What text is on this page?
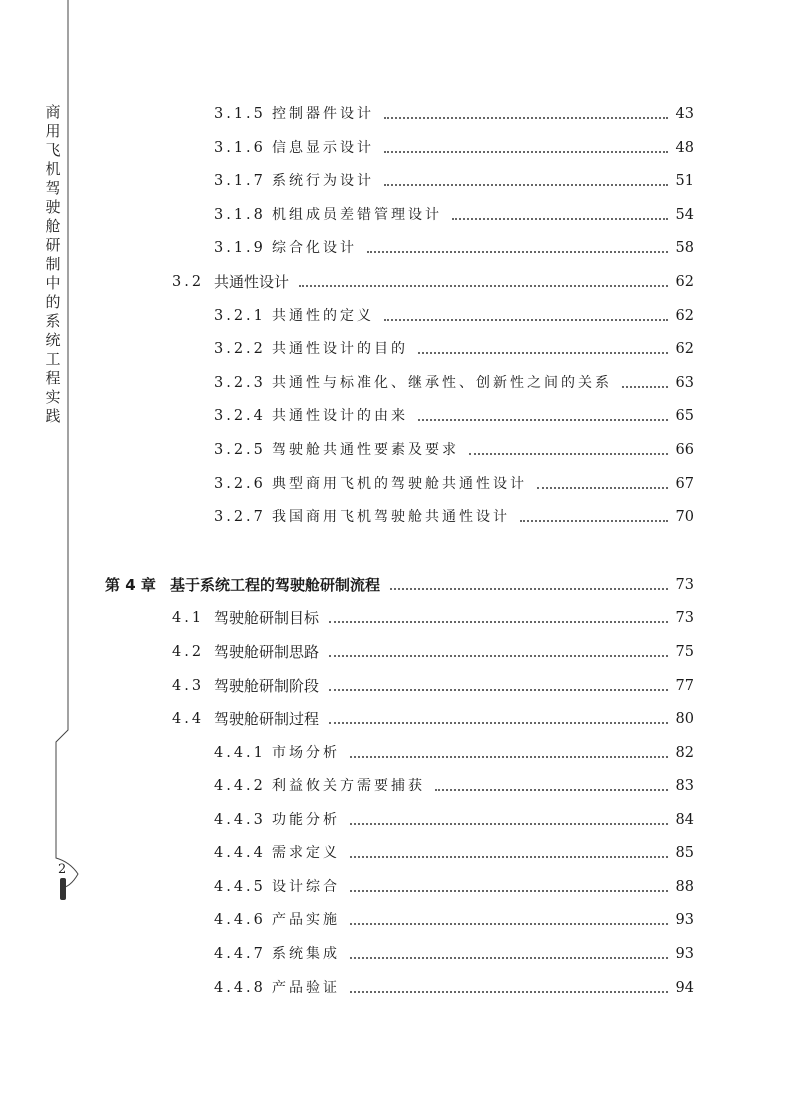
商用飞机驾驶舱研制中的系统工程实践
2
3.1.5 控制器件设计	43
3.1.6 信息显示设计	48
3.1.7 系统行为设计	51
3.1.8 机组成员差错管理设计	54
3.1.9 综合化设计	58
3.2 共通性设计	62
3.2.1 共通性的定义	62
3.2.2 共通性设计的目的	62
3.2.3 共通性与标准化、继承性、创新性之间的关系	63
3.2.4 共通性设计的由来	65
3.2.5 驾驶舱共通性要素及要求	66
3.2.6 典型商用飞机的驾驶舱共通性设计	67
3.2.7 我国商用飞机驾驶舱共通性设计	70
第 4 章 基于系统工程的驾驶舱研制流程	73
4.1 驾驶舱研制目标	73
4.2 驾驶舱研制思路	75
4.3 驾驶舱研制阶段	77
4.4 驾驶舱研制过程	80
4.4.1 市场分析	82
4.4.2 利益攸关方需要捕获	83
4.4.3 功能分析	84
4.4.4 需求定义	85
4.4.5 设计综合	88
4.4.6 产品实施	93
4.4.7 系统集成	93
4.4.8 产品验证	94
